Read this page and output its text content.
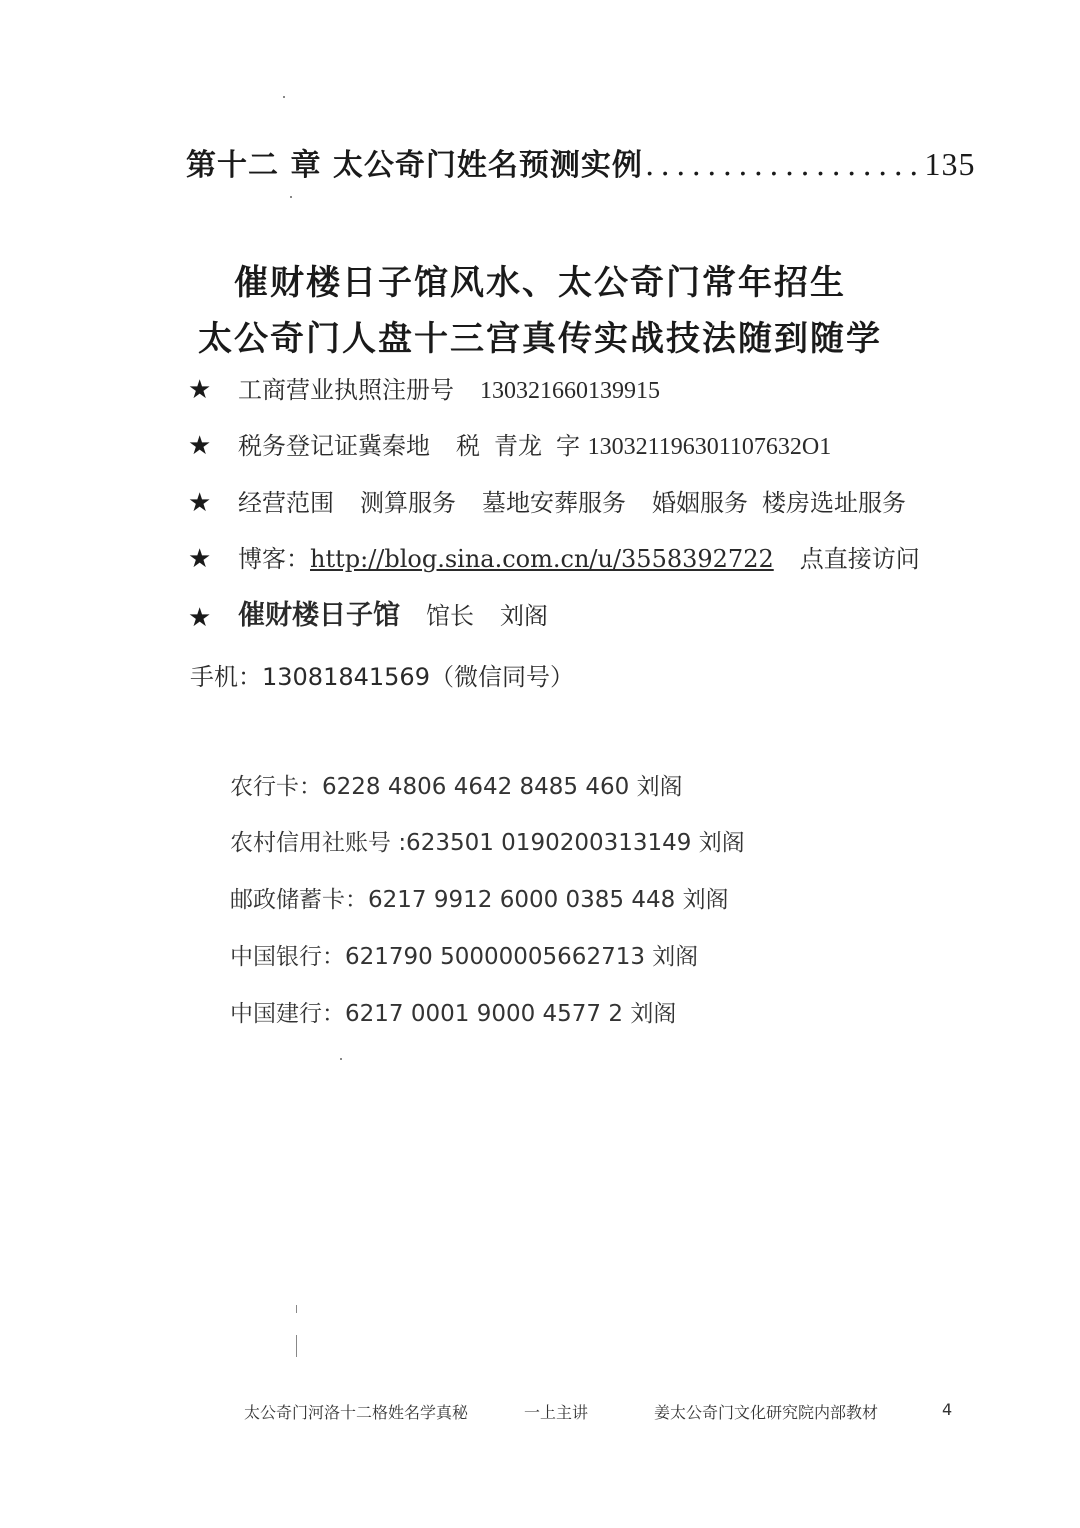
第十二 章 太公奇门姓名预测实例..................135
催财楼日子馆风水、太公奇门常年招生
太公奇门人盘十三宫真传实战技法随到随学
★ 工商营业执照注册号 130321660139915
★ 税务登记证冀秦地 税 青龙 字 130321196301107632O1
★ 经营范围 测算服务 墓地安葬服务 婚姻服务 楼房选址服务
★ 博客：http://blog.sina.com.cn/u/3558392722 点直接访问
★ 催财楼日子馆 馆长 刘阁
手机：13081841569（微信同号）
农行卡：6228 4806 4642 8485 460 刘阁
农村信用社账号 :623501 0190200313149 刘阁
邮政储蓄卡：6217 9912 6000 0385 448 刘阁
中国银行：621790 50000005662713 刘阁
中国建行：6217 0001 9000 4577 2 刘阁
太公奇门河洛十二格姓名学真秘	一上主讲	姜太公奇门文化研究院内部教材	4
